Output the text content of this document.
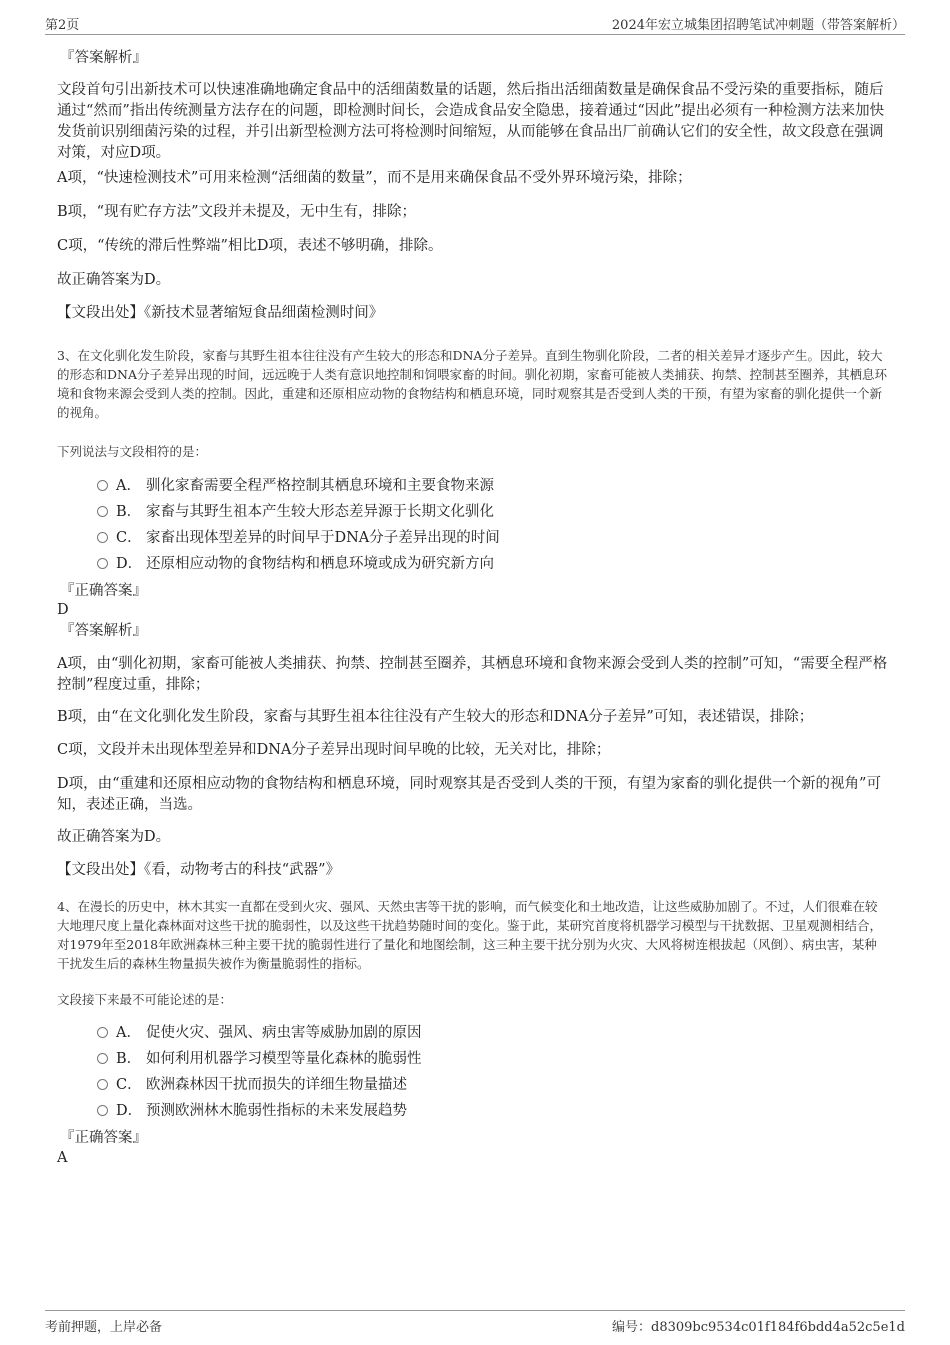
第2页	2024年宏立城集团招聘笔试冲刺题（带答案解析）

『答案解析』

文段首句引出新技术可以快速准确地确定食品中的活细菌数量的话题，然后指出活细菌数量是确保食品不受污染的重要指标，随后通过“然而”指出传统测量方法存在的问题，即检测时间长，会造成食品安全隐患，接着通过“因此”提出必须有一种检测方法来加快发货前识别细菌污染的过程，并引出新型检测方法可将检测时间缩短，从而能够在食品出厂前确认它们的安全性，故文段意在强调对策，对应D项。

A项，“快速检测技术”可用来检测“活细菌的数量”，而不是用来确保食品不受外界环境污染，排除；

B项，“现有贮存方法”文段并未提及，无中生有，排除；

C项，“传统的滞后性弊端”相比D项，表述不够明确，排除。

故正确答案为D。

【文段出处】《新技术显著缩短食品细菌检测时间》

3、在文化驯化发生阶段，家畜与其野生祖本往往没有产生较大的形态和DNA分子差异。直到生物驯化阶段，二者的相关差异才逐步产生。因此，较大的形态和DNA分子差异出现的时间，远远晚于人类有意识地控制和饲喂家畜的时间。驯化初期，家畜可能被人类捕获、拘禁、控制甚至圈养，其栖息环境和食物来源会受到人类的控制。因此，重建和还原相应动物的食物结构和栖息环境，同时观察其是否受到人类的干预，有望为家畜的驯化提供一个新的视角。

下列说法与文段相符的是：

A． 驯化家畜需要全程严格控制其栖息环境和主要食物来源

B． 家畜与其野生祖本产生较大形态差异源于长期文化驯化

C． 家畜出现体型差异的时间早于DNA分子差异出现的时间

D． 还原相应动物的食物结构和栖息环境或成为研究新方向

『正确答案』

D

『答案解析』

A项，由“驯化初期，家畜可能被人类捕获、拘禁、控制甚至圈养，其栖息环境和食物来源会受到人类的控制”可知，“需要全程严格控制”程度过重，排除；

B项，由“在文化驯化发生阶段，家畜与其野生祖本往往没有产生较大的形态和DNA分子差异”可知，表述错误，排除；

C项，文段并未出现体型差异和DNA分子差异出现时间早晚的比较，无关对比，排除；

D项，由“重建和还原相应动物的食物结构和栖息环境，同时观察其是否受到人类的干预，有望为家畜的驯化提供一个新的视角”可知，表述正确，当选。

故正确答案为D。

【文段出处】《看，动物考古的科技“武器”》

4、在漫长的历史中，林木其实一直都在受到火灾、强风、天然虫害等干扰的影响，而气候变化和土地改造，让这些威胁加剧了。不过，人们很难在较大地理尺度上量化森林面对这些干扰的脆弱性，以及这些干扰趋势随时间的变化。鉴于此，某研究首度将机器学习模型与干扰数据、卫星观测相结合，对1979年至2018年欧洲森林三种主要干扰的脆弱性进行了量化和地图绘制，这三种主要干扰分别为火灾、大风将树连根拔起（风倒）、病虫害，某种干扰发生后的森林生物量损失被作为衡量脆弱性的指标。

文段接下来最不可能论述的是：

A． 促使火灾、强风、病虫害等威胁加剧的原因

B． 如何利用机器学习模型等量化森林的脆弱性

C． 欧洲森林因干扰而损失的详细生物量描述

D． 预测欧洲林木脆弱性指标的未来发展趋势

『正确答案』

A

考前押题，上岸必备	编号：d8309bc9534c01f184f6bdd4a52c5e1d
